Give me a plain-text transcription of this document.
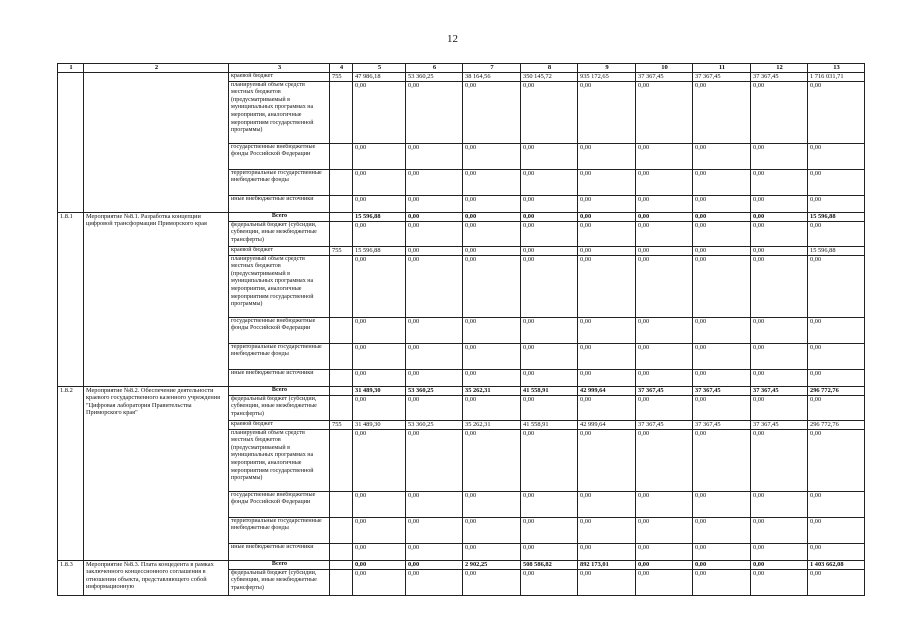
12
1	2	3	4	5	6	7	8	9	10	11	12	13
		краевой бюджет	755	47 986,18	53 360,25	38 164,56	350 145,72	935 172,65	37 367,45	37 367,45	37 367,45	1 716 031,71
		планируемый объем средств местных бюджетов (предусматриваемый в муниципальных программах на мероприятия, аналогичные мероприятиям государственной программы)		0,00	0,00	0,00	0,00	0,00	0,00	0,00	0,00	0,00
		государственные внебюджетные фонды Российской Федерации		0,00	0,00	0,00	0,00	0,00	0,00	0,00	0,00	0,00
		территориальные государственные внебюджетные фонды		0,00	0,00	0,00	0,00	0,00	0,00	0,00	0,00	0,00
		иные внебюджетные источники		0,00	0,00	0,00	0,00	0,00	0,00	0,00	0,00	0,00
1.8.1	Мероприятие №8.1. Разработка концепции цифровой трансформации Приморского края	Всего		15 596,88	0,00	0,00	0,00	0,00	0,00	0,00	0,00	15 596,88
		федеральный бюджет (субсидии, субвенции, иные межбюджетные трансферты)		0,00	0,00	0,00	0,00	0,00	0,00	0,00	0,00	0,00
		краевой бюджет	755	15 596,88	0,00	0,00	0,00	0,00	0,00	0,00	0,00	15 596,88
		планируемый объем средств местных бюджетов (предусматриваемый в муниципальных программах на мероприятия, аналогичные мероприятиям государственной программы)		0,00	0,00	0,00	0,00	0,00	0,00	0,00	0,00	0,00
		государственные внебюджетные фонды Российской Федерации		0,00	0,00	0,00	0,00	0,00	0,00	0,00	0,00	0,00
		территориальные государственные внебюджетные фонды		0,00	0,00	0,00	0,00	0,00	0,00	0,00	0,00	0,00
		иные внебюджетные источники		0,00	0,00	0,00	0,00	0,00	0,00	0,00	0,00	0,00
1.8.2	Мероприятие №8.2. Обеспечение деятельности краевого государственного казенного учреждения "Цифровая лаборатория Правительства Приморского края"	Всего		31 489,30	53 360,25	35 262,31	41 558,91	42 999,64	37 367,45	37 367,45	37 367,45	296 772,76
		федеральный бюджет (субсидии, субвенции, иные межбюджетные трансферты)		0,00	0,00	0,00	0,00	0,00	0,00	0,00	0,00	0,00
		краевой бюджет	755	31 489,30	53 360,25	35 262,31	41 558,91	42 999,64	37 367,45	37 367,45	37 367,45	296 772,76
		планируемый объем средств местных бюджетов (предусматриваемый в муниципальных программах на мероприятия, аналогичные мероприятиям государственной программы)		0,00	0,00	0,00	0,00	0,00	0,00	0,00	0,00	0,00
		государственные внебюджетные фонды Российской Федерации		0,00	0,00	0,00	0,00	0,00	0,00	0,00	0,00	0,00
		территориальные государственные внебюджетные фонды		0,00	0,00	0,00	0,00	0,00	0,00	0,00	0,00	0,00
		иные внебюджетные источники		0,00	0,00	0,00	0,00	0,00	0,00	0,00	0,00	0,00
1.8.3	Мероприятие №8.3. Плата концедента в рамках заключенного концессионного соглашения в отношении объекта, представляющего собой информационную	Всего		0,00	0,00	2 902,25	508 586,82	892 173,01	0,00	0,00	0,00	1 403 662,08
		федеральный бюджет (субсидии, субвенции, иные межбюджетные трансферты)		0,00	0,00	0,00	0,00	0,00	0,00	0,00	0,00	0,00
